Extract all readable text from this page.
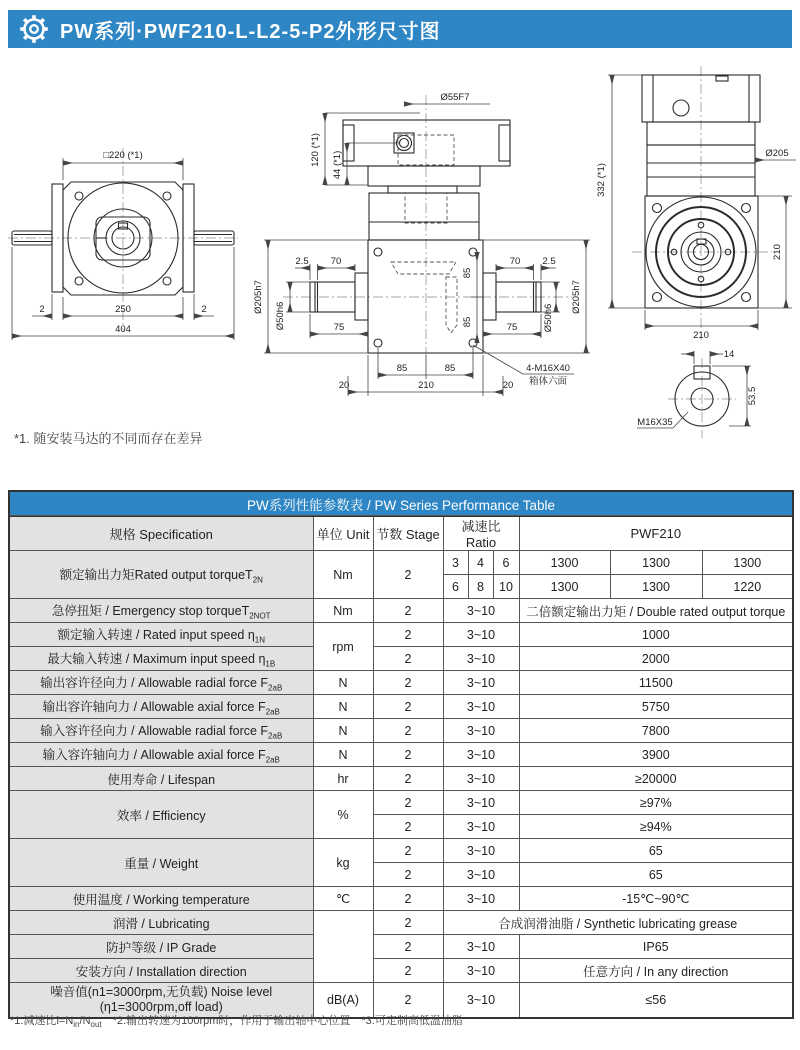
PW系列·PWF210-L-L2-5-P2外形尺寸图
□220 (*1)
2	250	2
404
Ø55F7
120 (*1) 44 (*1)
2.5 70	70 2.5
Ø205h7
Ø50h6	75	75	Ø50h6
Ø205h7
85
85
85	85
20	210	20
4-M16X40
箱体六面
332 (*1)
Ø205
210
210
14
53.5
M16X35
*1. 随安装马达的不同而存在差异
PW系列性能参数表 / PW Series Performance Table								
规格 Specification	单位 Unit	节数 Stage	减速比 Ratio			PWF210		
额定输出力矩Rated output torqueT$_{2N}$	Nm	2	3	4	6	1300	1300	1300
			6	8	10	1300	1300	1220
急停扭矩 / Emergency stop torqueT$_{2NOT}$	Nm	2	3~10			二倍额定输出力矩 / Double rated output torque		
额定输入转速 / Rated input speed $\eta_{1N}$	rpm	2	3~10			1000		
最大输入转速 / Maximum input speed $\eta_{1B}$		2	3~10			2000		
输出容许径向力 / Allowable radial force $F_{2aB}$	N	2	3~10			11500		
输出容许轴向力 / Allowable axial force $F_{2aB}$	N	2	3~10			5750		
输入容许径向力 / Allowable radial force $F_{2aB}$	N	2	3~10			7800		
输入容许轴向力 / Allowable axial force $F_{2aB}$	N	2	3~10			3900		
使用寿命 / Lifespan	hr	2	3~10			≥20000		
效率 / Efficiency	%	2	3~10			≥97%		
		2	3~10			≥94%		
重量 / Weight	kg	2	3~10			65		
		2	3~10			65		
使用温度 / Working temperature	℃	2	3~10			-15℃~90℃		
润滑 / Lubricating		2	合成润滑油脂 / Synthetic lubricating grease					
防护等级 / IP Grade		2	3~10			IP65		
安装方向 / Installation direction		2	3~10			任意方向 / In any direction		

噪音值(n1=3000rpm,无负载) Noise level
(η1=3000rpm,off load)	dB(A)	2	3~10			≤56		
*1.减速比$i=N_{in}/N_{out}$　*2.输出转速为100rpm时，作用于输出轴中心位置　*3.可定制高低温油脂
